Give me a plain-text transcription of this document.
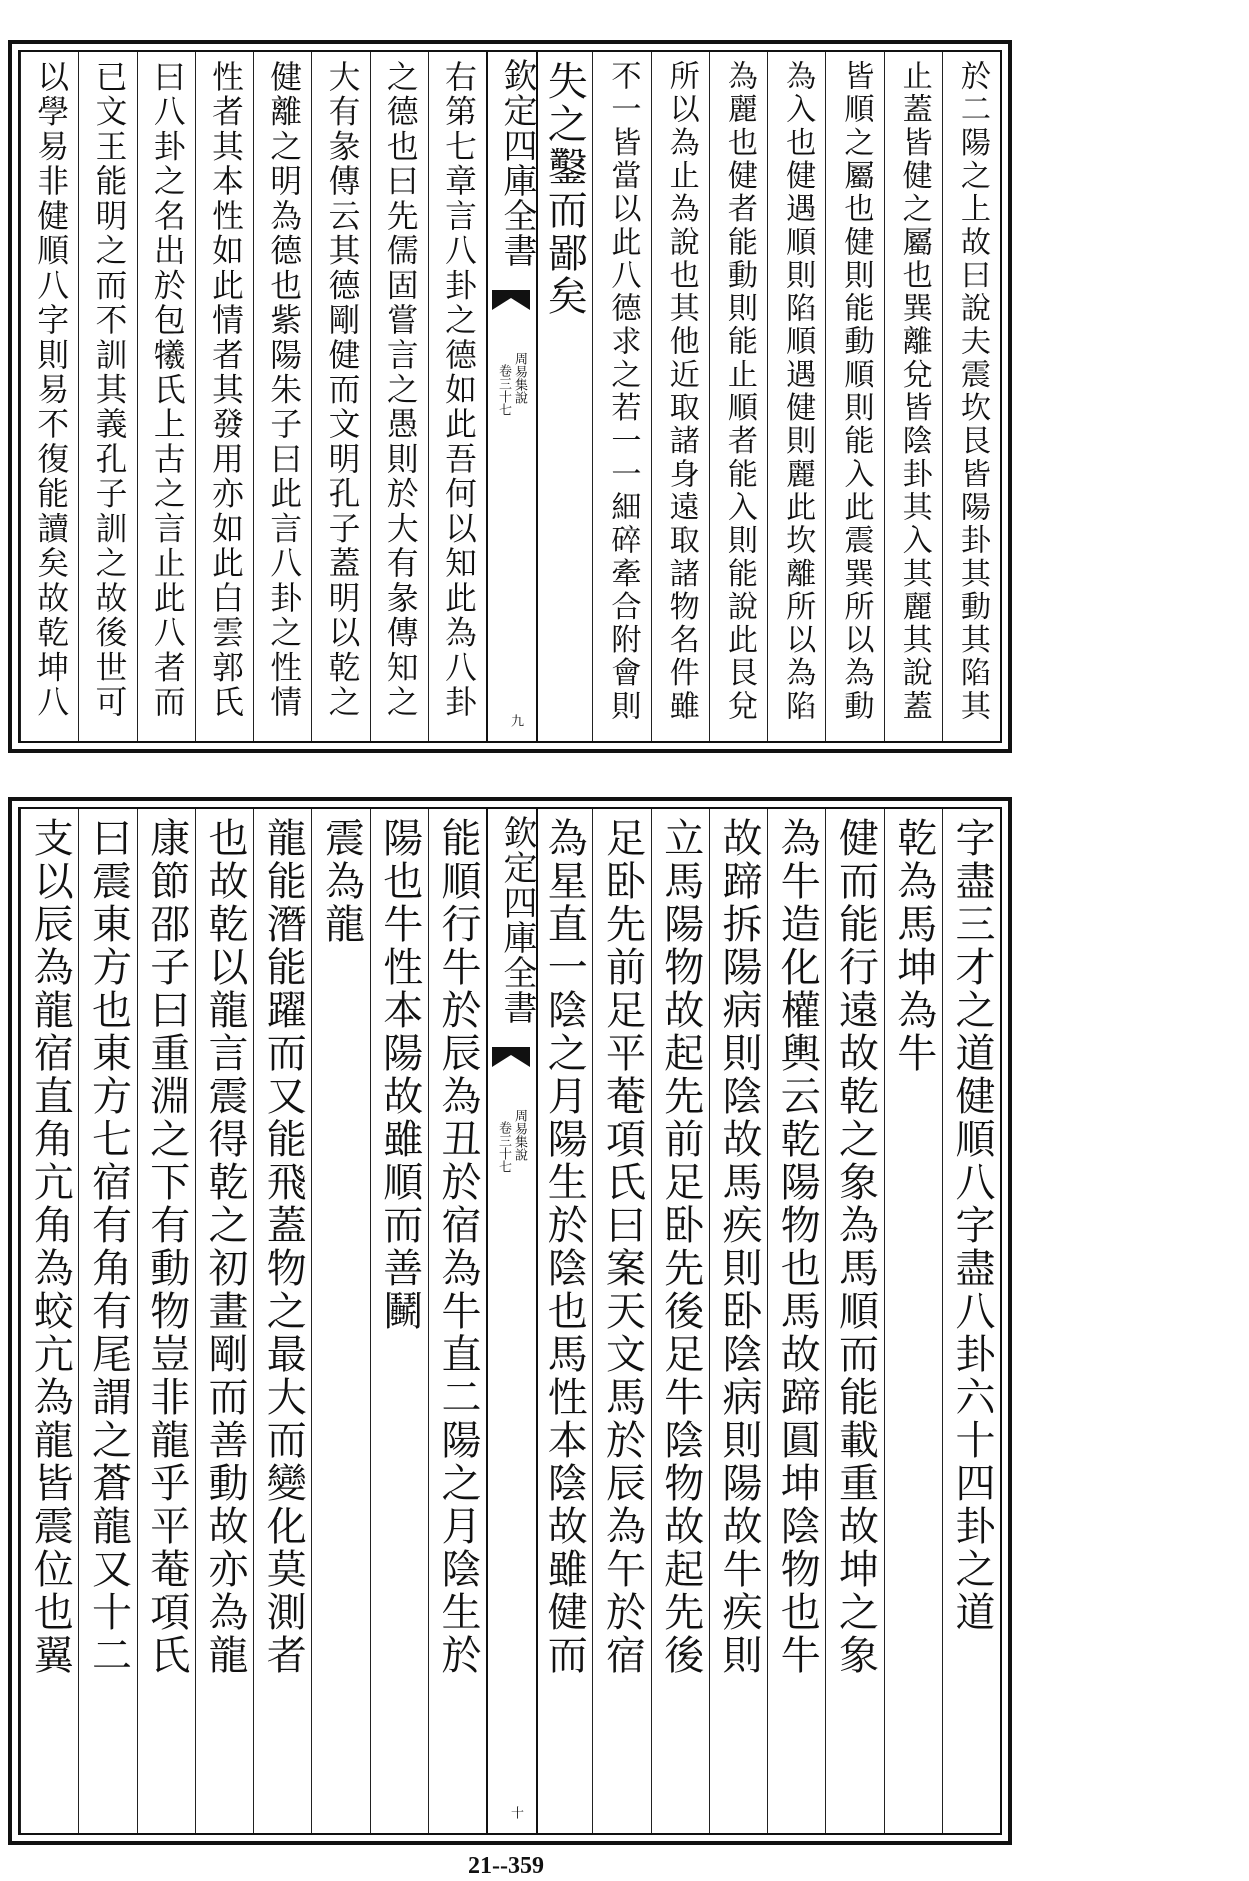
於二陽之上故曰說夫震坎艮皆陽卦其動其陷其
止蓋皆健之屬也巽離兌皆陰卦其入其麗其說蓋
皆順之屬也健則能動順則能入此震巽所以為動
為入也健遇順則陷順遇健則麗此坎離所以為陷
為麗也健者能動則能止順者能入則能說此艮兌
所以為止為說也其他近取諸身遠取諸物名件雖
不一皆當以此八德求之若一一細碎牽合附會則
失之鑿而鄙矣
欽定四庫全書
周易集說
卷三十七
九
右第七章言八卦之德如此吾何以知此為八卦
之德也曰先儒固嘗言之愚則於大有彖傳知之
大有彖傳云其德剛健而文明孔子蓋明以乾之
健離之明為德也紫陽朱子曰此言八卦之性情
性者其本性如此情者其發用亦如此白雲郭氏
曰八卦之名出於包犧氏上古之言止此八者而
已文王能明之而不訓其義孔子訓之故後世可
以學易非健順八字則易不復能讀矣故乾坤八
字盡三才之道健順八字盡八卦六十四卦之道
乾為馬坤為牛
健而能行遠故乾之象為馬順而能載重故坤之象
為牛造化權輿云乾陽物也馬故蹄圓坤陰物也牛
故蹄拆陽病則陰故馬疾則卧陰病則陽故牛疾則
立馬陽物故起先前足卧先後足牛陰物故起先後
足卧先前足平菴項氏曰案天文馬於辰為午於宿
為星直一陰之月陽生於陰也馬性本陰故雖健而
欽定四庫全書
周易集說
卷三十七
十
能順行牛於辰為丑於宿為牛直二陽之月陰生於
陽也牛性本陽故雖順而善鬭
震為龍
龍能潛能躍而又能飛蓋物之最大而變化莫測者
也故乾以龍言震得乾之初畫剛而善動故亦為龍
康節邵子曰重淵之下有動物豈非龍乎平菴項氏
曰震東方也東方七宿有角有尾謂之蒼龍又十二
支以辰為龍宿直角亢角為蛟亢為龍皆震位也翼
21--359
